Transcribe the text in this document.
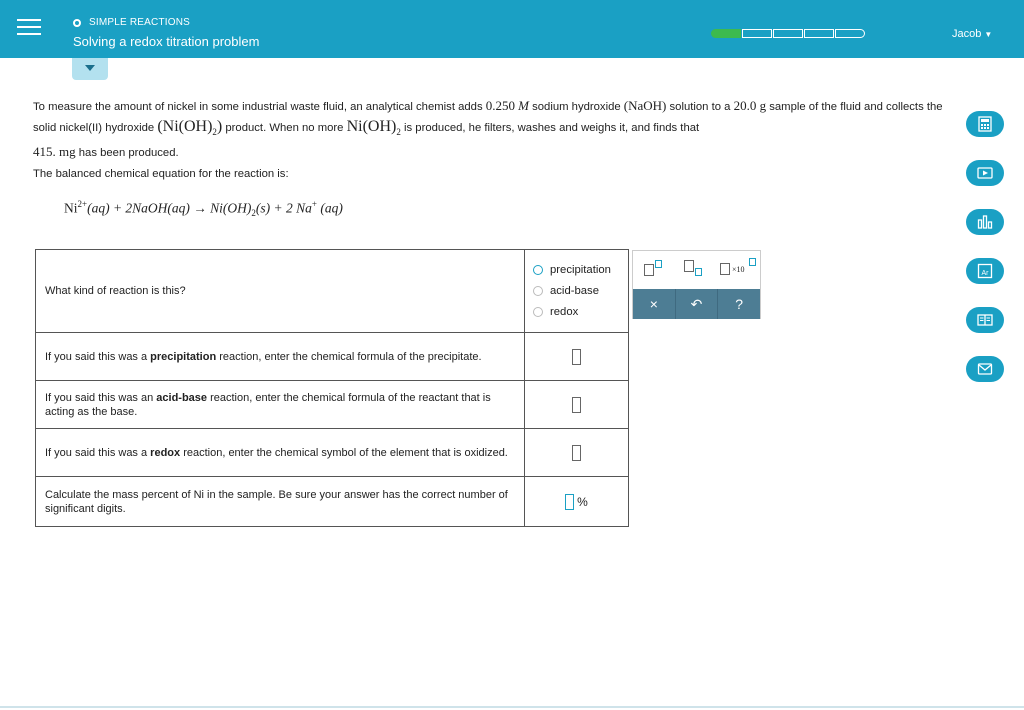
SIMPLE REACTIONS
Solving a redox titration problem	Jacob ▼
To measure the amount of nickel in some industrial waste fluid, an analytical chemist adds 0.250 M sodium hydroxide (NaOH) solution to a 20.0 g sample of the fluid and collects the solid nickel(II) hydroxide $(Ni(OH)_2)$ product. When no more $Ni(OH)_2$ is produced, he filters, washes and weighs it, and finds that
415. mg has been produced.
The balanced chemical equation for the reaction is:
$Ni^{2+}(aq)$ + 2NaOH(aq) → $Ni(OH)_2(s) + 2$ Na+ (aq)
What kind of reaction is this?	precipitation
acid-base
redox

If you said this was a precipitation reaction, enter the chemical formula of the precipitate.	
If you said this was an acid-base reaction, enter the chemical formula of the reactant that is acting as the base.	
If you said this was a redox reaction, enter the chemical symbol of the element that is oxidized.	
Calculate the mass percent of Ni in the sample. Be sure your answer has the correct number of significant digits.	%
×10
×	↶	?
Ar
